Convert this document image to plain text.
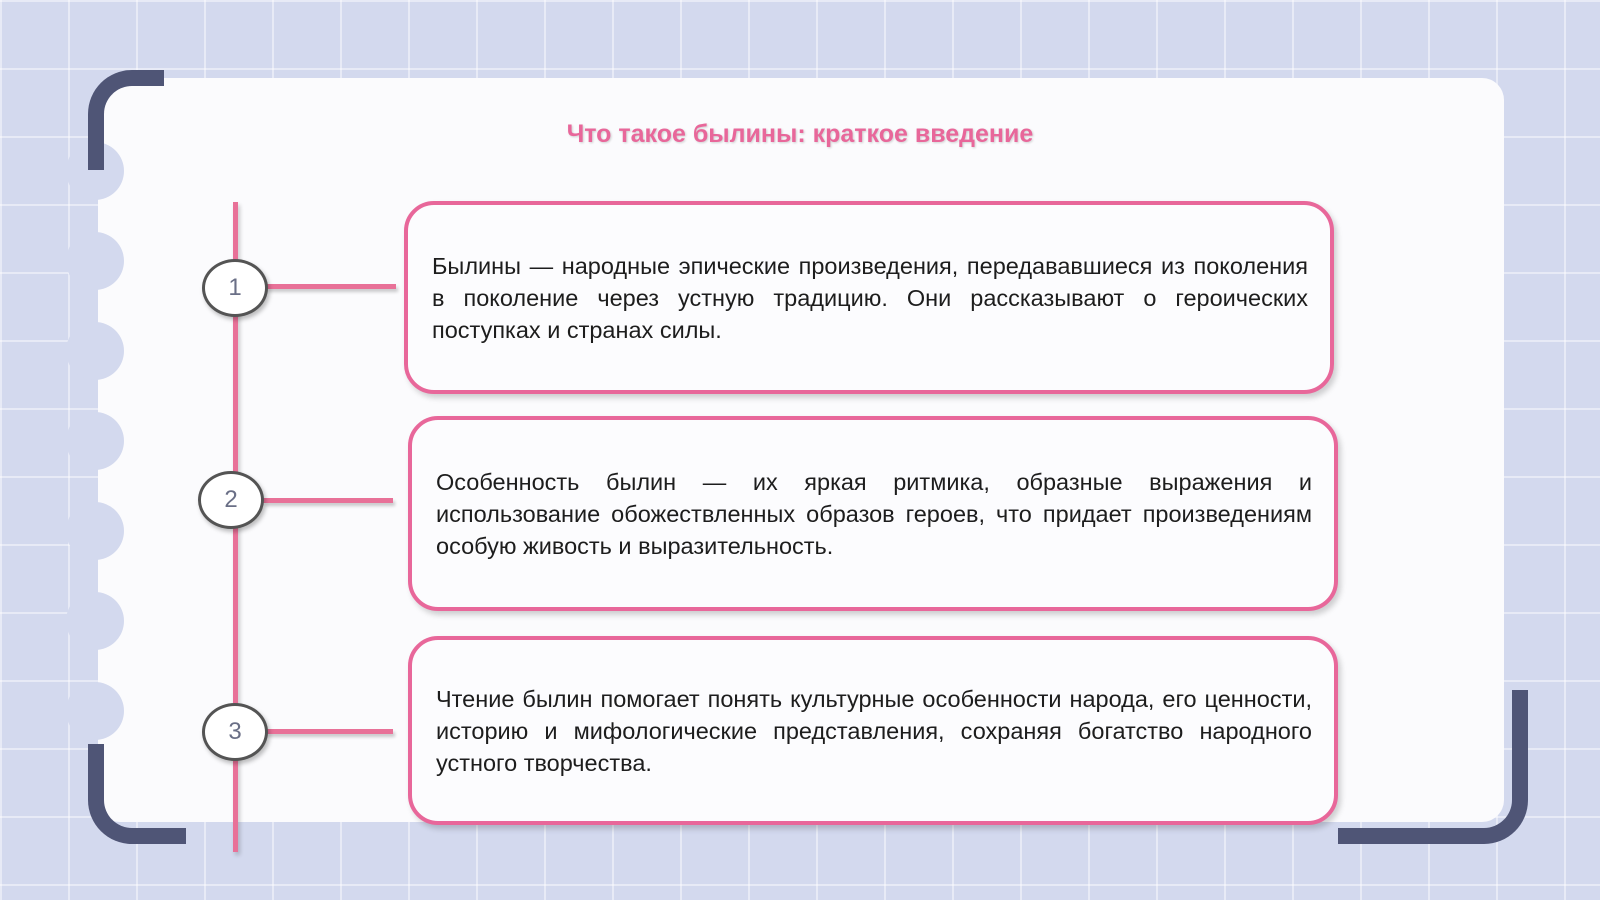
Что такое былины: краткое введение
1
2
3
Былины — народные эпические произведения, передававшиеся из поколения в поколение через устную традицию. Они рассказывают о героических поступках и странах силы.
Особенность былин — их яркая ритмика, образные выражения и использование обожествленных образов героев, что придает произведениям особую живость и выразительность.
Чтение былин помогает понять культурные особенности народа, его ценности, историю и мифологические представления, сохраняя богатство народного устного творчества.
